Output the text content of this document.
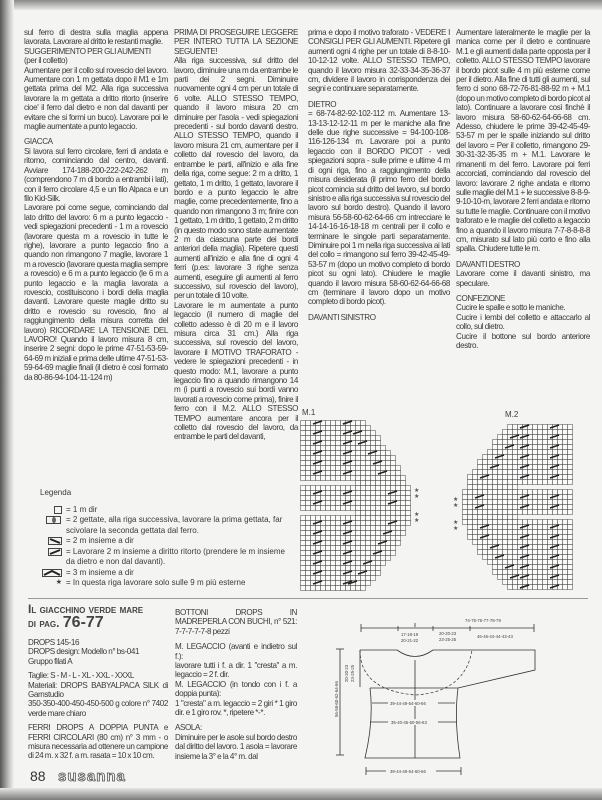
sul ferro di destra sulla maglia appena lavorata. Lavorare al dritto le restanti maglie.

SUGGERIMENTO PER GLI AUMENTI

(per il colletto)

Aumentare per il collo sul rovescio del lavoro. Aumentare con 1 m gettata dopo il M1 e 1m gettata prima del M2. Alla riga successiva lavorare la m gettata a dritto ritorto (inserire cioe' il ferro dal dietro e non dal davanti per evitare che si formi un buco). Lavorare poi le maglie aumentate a punto legaccio.

GIACCA

Si lavora sul ferro circolare, ferri di andata e ritorno, cominciando dal centro, davanti. Avviare 174-188-200-222-242-262 m (comprendono 7 m di bordo a entrambi i lati), con il ferro circolare 4,5 e un filo Alpaca e un filo Kid-Silk.

Lavorare poi come segue, cominciando dal lato dritto del lavoro: 6 m a punto legaccio - vedi spiegazioni precedenti - 1 m a rovescio (lavorare questa m a rovescio in tutte le righe), lavorare a punto legaccio fino a quando non rimangono 7 maglie, lavorare 1 m a rovescio (lavorare questa maglia sempre a rovescio) e 6 m a punto legaccio (le 6 m a punto legaccio e la maglia lavorata a rovescio, costituiscono i bordi della maglia davanti. Lavorare queste maglie dritto su dritto e rovescio su rovescio, fino al raggiungimento della misura corretta del lavoro) RICORDARE LA TENSIONE DEL LAVORO! Quando il lavoro misura 8 cm, inserire 2 segni: dopo le prime 47-51-53-59-64-69 m iniziali e prima delle ultime 47-51-53-59-64-69 maglie finali (il dietro è così formato da 80-86-94-104-11-124 m)

PRIMA DI PROSEGUIRE LEGGERE PER INTERO TUTTA LA SEZIONE SEGUENTE!

Alla riga successiva, sul dritto del lavoro, diminuire una m da entrambe le parti dei 2 segni. Diminuire nuovamente ogni 4 cm per un totale di 6 volte. ALLO STESSO TEMPO, quando il lavoro misura 20 cm diminuire per l'asola - vedi spiegazioni precedenti - sul bordo davanti destro. ALLO STESSO TEMPO, quando il lavoro misura 21 cm, aumentare per il colletto dal rovescio del lavoro, da entrambe le parti, all'inizio e alla fine della riga, come segue: 2 m a dritto, 1 gettato, 1 m dritto, 1 gettato, lavorare il bordo e a punto legaccio le altre maglie, come precedentemente, fino a quando non rimangono 3 m; finire con 1 gettato, 1 m dritto, 1 gettato, 2 m dritto (in questo modo sono state aumentate 2 m da ciascuna parte dei bordi anteriori della maglia). Ripetere questi aumenti all'inizio e alla fine di ogni 4 ferri (p.es: lavorare 3 righe senza aumenti, eseguire gli aumenti al ferro successivo, sul rovescio del lavoro), per un totale di 10 volte.

Lavorare le m aumentate a punto legaccio (il numero di maglie del colletto adesso è di 20 m e il lavoro misura circa 31 cm.) Alla riga successiva, sul rovescio del lavoro, lavorare il MOTIVO TRAFORATO - vedere le spiegazioni precedenti - in questo modo: M.1, lavorare a punto legaccio fino a quando rimangono 14 m (i punti a rovescio sui bordi vanno lavorati a rovescio come prima), finire il ferro con il M.2. ALLO STESSO TEMPO aumentare ancora per il colletto dal rovescio del lavoro, da entrambe le parti del davanti,

prima e dopo il motivo traforato - VEDERE I CONSIGLI PER GLI AUMENTI. Ripetere gli aumenti ogni 4 righe per un totale di 8-8-10-10-12-12 volte. ALLO STESSO TEMPO, quando il lavoro misura 32-33-34-35-36-37 cm, dividere il lavoro in corrispondenza dei segni e continuare separatamente.

DIETRO

= 68-74-82-92-102-112 m. Aumentare 13-13-13-12-12-11 m per le maniche alla fine delle due righe successive = 94-100-108-116-126-134 m. Lavorare poi a punto legaccio con il BORDO PICOT - vedi spiegazioni sopra - sulle prime e ultime 4 m di ogni riga, fino a raggiungimento della misura desiderata (il primo ferro del bordo picot comincia sul dritto del lavoro, sul bordo sinistro e alla riga successiva sul rovescio del lavoro sul bordo destro). Quando il lavoro misura 56-58-60-62-64-66 cm intrecciare le 14-14-16-16-18-18 m centrali per il collo e terminare le singole parti separatamente. Diminuire poi 1 m nella riga successiva ai lati del collo = rimangono sul ferro 39-42-45-49-53-57 m (dopo un motivo completo di bordo picot su ogni lato). Chiudere le maglie quando il lavoro misura 58-60-62-64-66-68 cm (terminare il lavoro dopo un motivo completo di bordo picot).

DAVANTI SINISTRO

Aumentare lateralmente le maglie per la manica come per il dietro e continuare M.1 e gli aumenti dalla parte opposta per il colletto. ALLO STESSO TEMPO lavorare il bordo picot sulle 4 m più esterne come per il dietro. Alla fine di tutti gli aumenti, sul ferro ci sono 68-72-76-81-88-92 m + M.1 (dopo un motivo completo di bordo picot al lato). Continuare a lavorare così finchè il lavoro misura 58-60-62-64-66-68 cm. Adesso, chiudere le prime 39-42-45-49-53-57 m per le spalle iniziando sul dritto del lavoro = Per il colletto, rimangono 29-30-31-32-35-35 m + M.1. Lavorare le rimanenti m del ferro. Lavorare poi ferri accorciati, cominciando dal rovescio del lavoro: lavorare 2 righe andata e ritorno sulle maglie del M.1 + le successive 8-8-9-9-10-10-m, lavorare 2 ferri andata e ritorno su tutte le maglie. Continuare con il motivo traforato e le maglie del colletto a legaccio fino a quando il lavoro misura 7-7-8-8-8-8 cm, misurato sul lato più corto e fino alla spalla. Chiudere tutte le m.

DAVANTI DESTRO

Lavorare come il davanti sinistro, ma speculare.

CONFEZIONE

Cucire le spalle e sotto le maniche.

Cucire i lembi del colletto e attaccarlo al collo, sul dietro.

Cucire il bottone sul bordo anteriore destro.

M.1	M.2
★★
★★
★★
★★
Legenda
= 1 m dir
= 2 gettate, alla riga successiva, lavorare la prima gettata, far scivolare la seconda gettata dal ferro.
= 2 m insieme a dir
= Lavorare 2 m insieme a diritto ritorto (prendere le m insieme da dietro e non dal davanti).
= 3 m insieme a dir
★ = In questa riga lavorare solo sulle 9 m più esterne
Il giacchino verde mare
di pag. 76-77

DROPS 145-16

DROPS design: Modello n° bs-041

Gruppo filati A

Taglie: S - M - L - XL - XXL - XXXL

Materiali: DROPS BABYALPACA SILK di Garnstudio

350-350-400-450-450-500 g colore n° 7402 verde mare chiaro

FERRI DROPS A DOPPIA PUNTA e FERRI CIRCOLARI (80 cm) n° 3 mm - o misura necessaria ad ottenere un campione di 24 m. x 32 f. a m. rasata = 10 x 10 cm.

BOTTONI DROPS IN MADREPERLA CON BUCHI, n° 521: 7-7-7-7-7-8 pezzi

M. LEGACCIO (avanti e indietro sul f.):

lavorare tutti i f. a dir. 1 "cresta" a m. legaccio = 2 f. dir.

M. LEGACCIO (in tondo con i f. a doppia punta):

1 "cresta" a m. legaccio = 2 giri * 1 giro dir. e 1 giro rov. *, ripetere *-*.

ASOLA:

Diminuire per le asole sul bordo destro dal diritto del lavoro. 1 asola = lavorare insieme la 3° e la 4° m. dal

88 susanna
74-75-76-77-78-79
17-18-19
20-21-22
20-20-23
23-25-25
46-46-44-44-43-43
56-58-60-62-64-66
20-20-23 23-25-25
39-44-49-54-60-66
35-40-45-50-56-63
39-44-49-54-60-66
